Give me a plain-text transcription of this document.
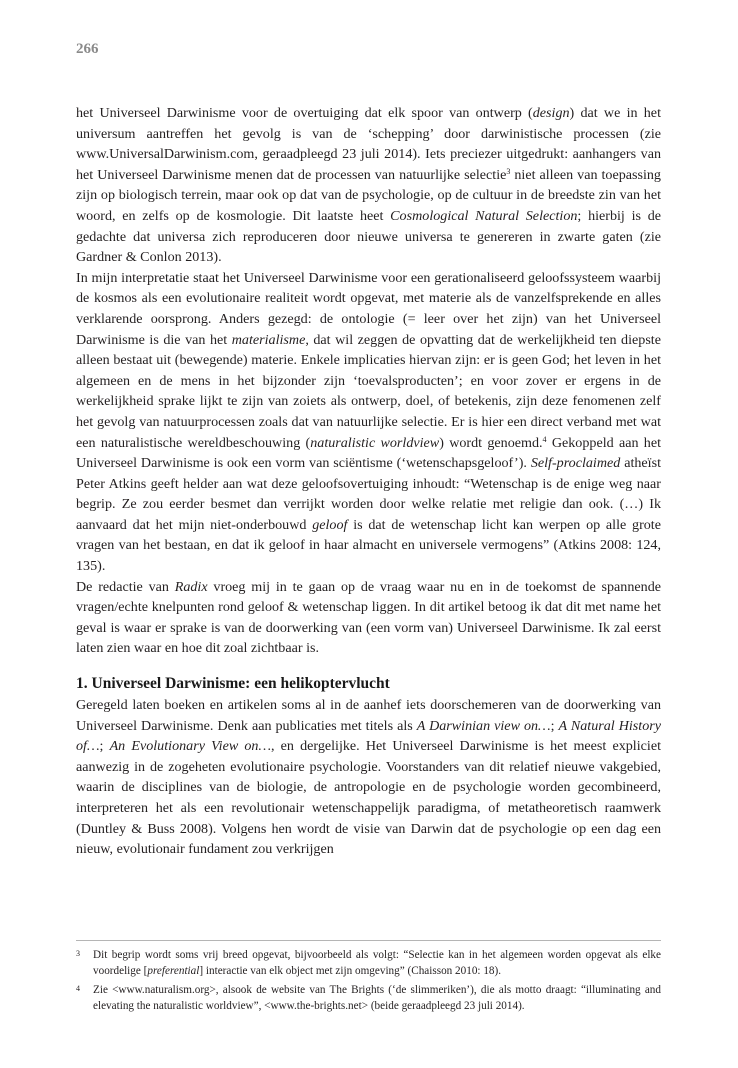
266

het Universeel Darwinisme voor de overtuiging dat elk spoor van ontwerp (design) dat we in het universum aantreffen het gevolg is van de ‘schepping’ door darwinistische processen (zie www.UniversalDarwinism.com, geraadpleegd 23 juli 2014). Iets preciezer uitgedrukt: aanhangers van het Universeel Darwinisme menen dat de processen van natuurlijke selectie$^3$ niet alleen van toepassing zijn op biologisch terrein, maar ook op dat van de psychologie, op de cultuur in de breedste zin van het woord, en zelfs op de kosmologie. Dit laatste heet Cosmological Natural Selection; hierbij is de gedachte dat universa zich reproduceren door nieuwe universa te genereren in zwarte gaten (zie Gardner & Conlon 2013).

In mijn interpretatie staat het Universeel Darwinisme voor een gerationaliseerd geloofssysteem waarbij de kosmos als een evolutionaire realiteit wordt opgevat, met materie als de vanzelfsprekende en alles verklarende oorsprong. Anders gezegd: de ontologie (= leer over het zijn) van het Universeel Darwinisme is die van het materialisme, dat wil zeggen de opvatting dat de werkelijkheid ten diepste alleen bestaat uit (bewegende) materie. Enkele implicaties hiervan zijn: er is geen God; het leven in het algemeen en de mens in het bijzonder zijn ‘toevalsproducten’; en voor zover er ergens in de werkelijkheid sprake lijkt te zijn van zoiets als ontwerp, doel, of betekenis, zijn deze fenomenen zelf het gevolg van natuurprocessen zoals dat van natuurlijke selectie. Er is hier een direct verband met wat een naturalistische wereldbeschouwing (naturalistic worldview) wordt genoemd.$^4$ Gekoppeld aan het Universeel Darwinisme is ook een vorm van sciëntisme (‘wetenschapsgeloof’). Self-proclaimed atheïst Peter Atkins geeft helder aan wat deze geloofsovertuiging inhoudt: “Wetenschap is de enige weg naar begrip. Ze zou eerder besmet dan verrijkt worden door welke relatie met religie dan ook. (…) Ik aanvaard dat het mijn niet-onderbouwd geloof is dat de wetenschap licht kan werpen op alle grote vragen van het bestaan, en dat ik geloof in haar almacht en universele vermogens” (Atkins 2008: 124, 135).

De redactie van Radix vroeg mij in te gaan op de vraag waar nu en in de toekomst de spannende vragen/echte knelpunten rond geloof & wetenschap liggen. In dit artikel betoog ik dat dit met name het geval is waar er sprake is van de doorwerking van (een vorm van) Universeel Darwinisme. Ik zal eerst laten zien waar en hoe dit zoal zichtbaar is.

1. Universeel Darwinisme: een helikoptervlucht

Geregeld laten boeken en artikelen soms al in de aanhef iets doorschemeren van de doorwerking van Universeel Darwinisme. Denk aan publicaties met titels als A Darwinian view on…; A Natural History of…; An Evolutionary View on…, en dergelijke. Het Universeel Darwinisme is het meest expliciet aanwezig in de zogeheten evolutionaire psychologie. Voorstanders van dit relatief nieuwe vakgebied, waarin de disciplines van de biologie, de antropologie en de psychologie worden gecombineerd, interpreteren het als een revolutionair wetenschappelijk paradigma, of metatheoretisch raamwerk (Duntley & Buss 2008). Volgens hen wordt de visie van Darwin dat de psychologie op een dag een nieuw, evolutionair fundament zou verkrijgen

3	Dit begrip wordt soms vrij breed opgevat, bijvoorbeeld als volgt: “Selectie kan in het algemeen worden opgevat als elke voordelige [preferential] interactie van elk object met zijn omgeving” (Chaisson 2010: 18).
4	Zie <www.naturalism.org>, alsook de website van The Brights (‘de slimmeriken’), die als motto draagt: “illuminating and elevating the naturalistic worldview”, <www.the-brights.net> (beide geraadpleegd 23 juli 2014).
